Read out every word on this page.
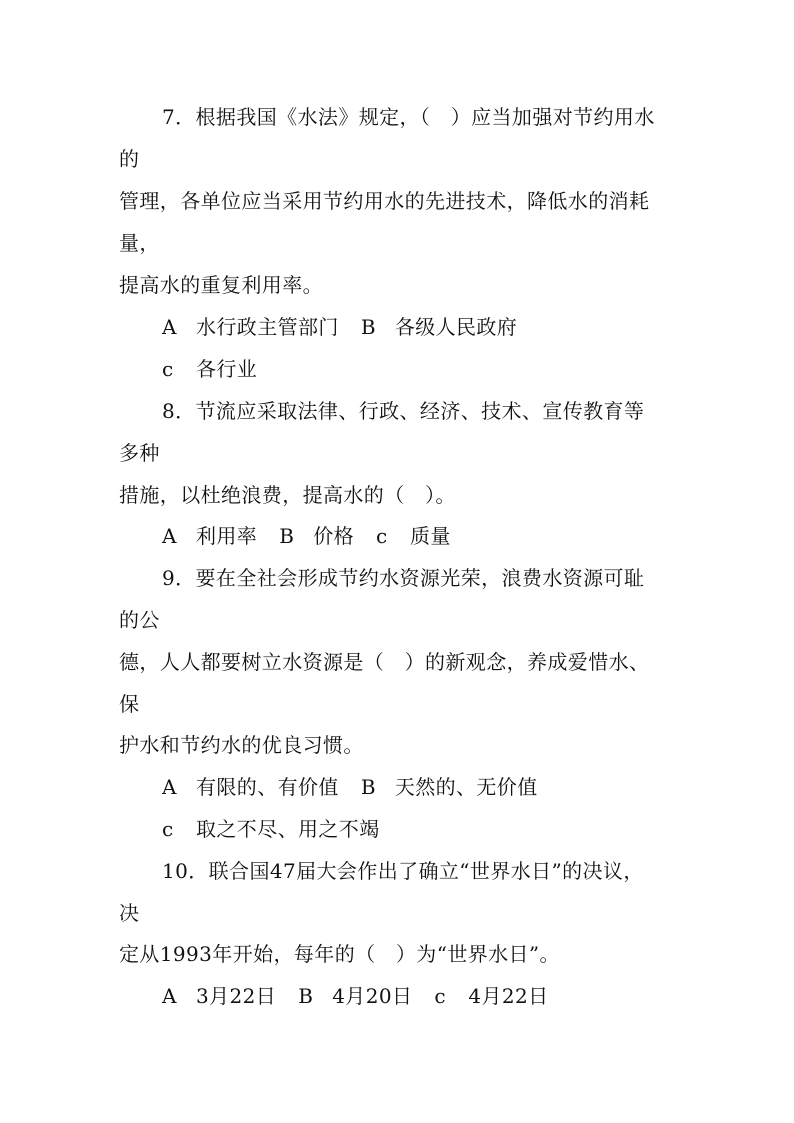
7．根据我国《水法》规定，（　）应当加强对节约用水
的
管理，各单位应当采用节约用水的先进技术，降低水的消耗
量，
提高水的重复利用率。
A 水行政主管部门 B 各级人民政府
c 各行业
8．节流应采取法律、行政、经济、技术、宣传教育等
多种
措施，以杜绝浪费，提高水的（　）。
A 利用率 B 价格 c 质量
9．要在全社会形成节约水资源光荣，浪费水资源可耻
的公
德，人人都要树立水资源是（　）的新观念，养成爱惜水、
保
护水和节约水的优良习惯。
A 有限的、有价值 B 天然的、无价值
c 取之不尽、用之不竭
10．联合国47届大会作出了确立“世界水日”的决议，
决
定从1993年开始，每年的（　）为“世界水日”。
A 3月22日 B 4月20日 c 4月22日
